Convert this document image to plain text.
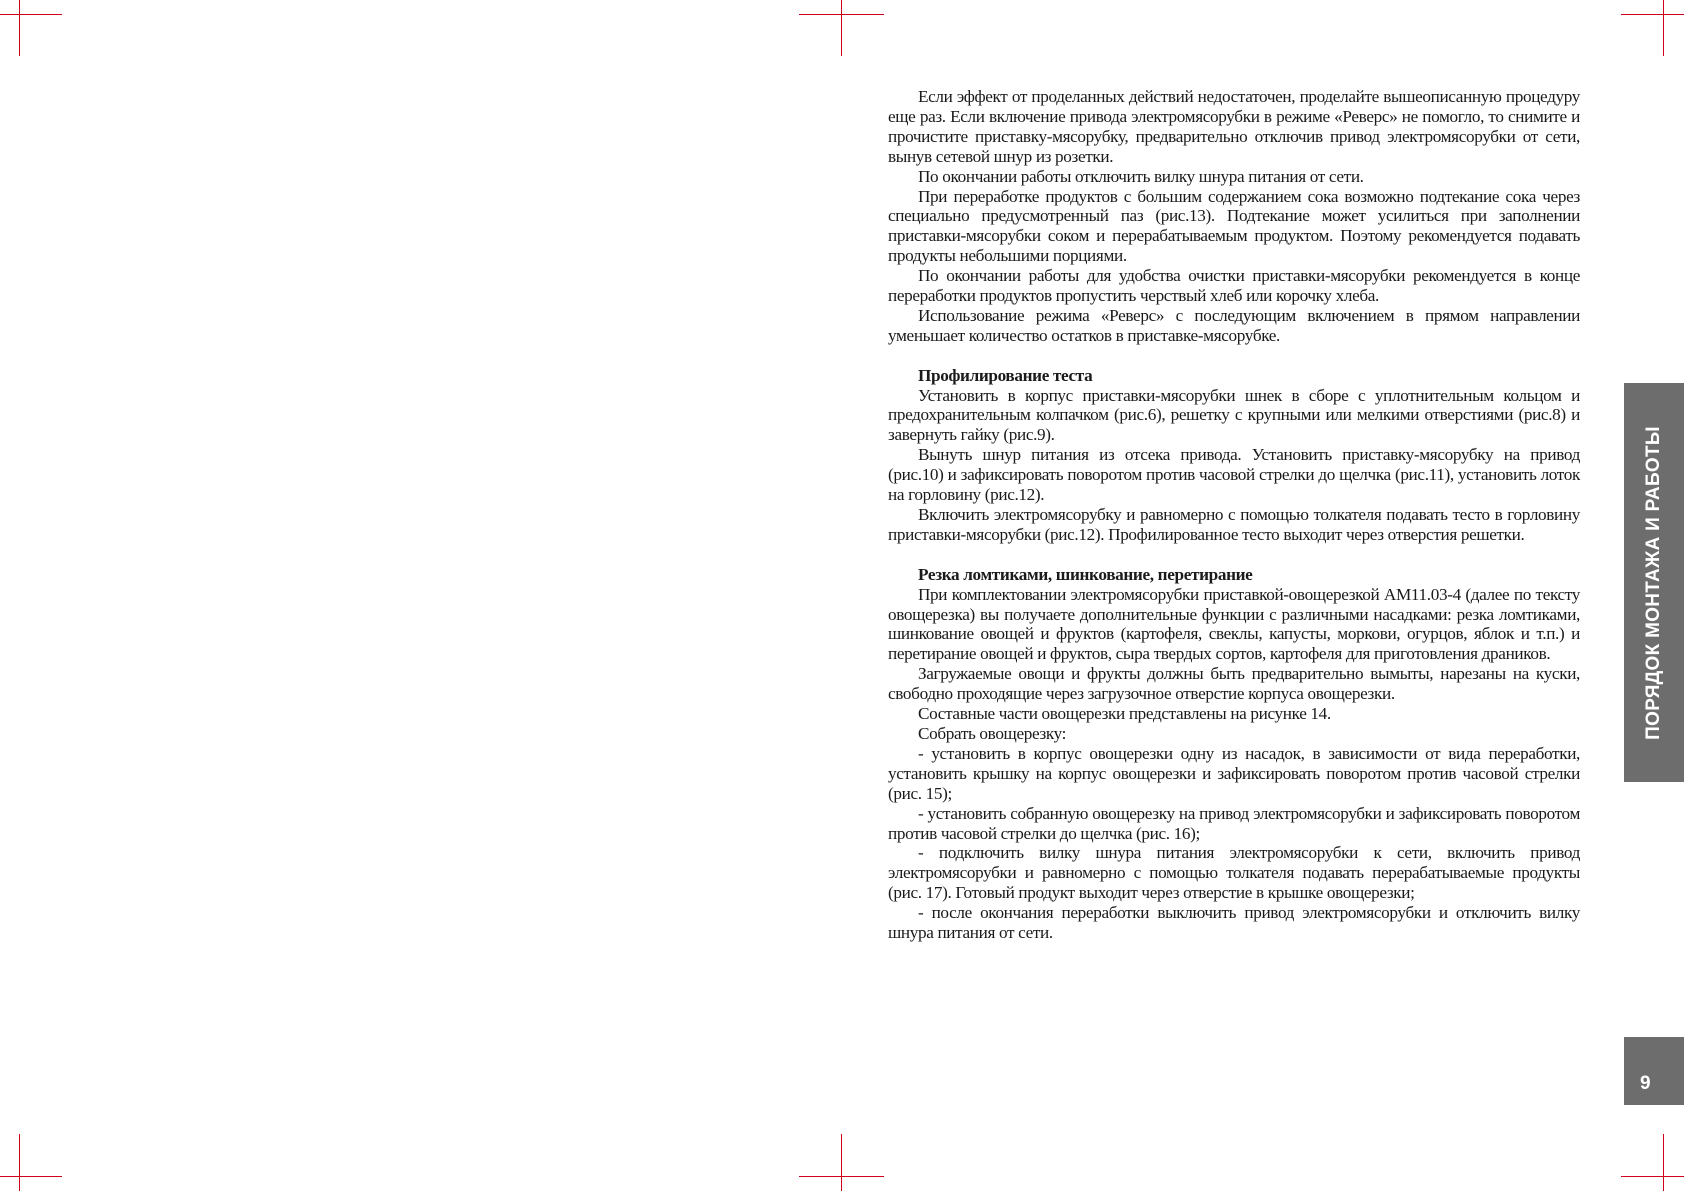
Если эффект от проделанных действий недостаточен, проделайте вышеописанную процедуру еще раз. Если включение привода электромясорубки в режиме «Реверс» не помогло, то снимите и прочистите приставку-мясорубку, предварительно отключив привод электромясорубки от сети, вынув сетевой шнур из розетки.

По окончании работы отключить вилку шнура питания от сети.

При переработке продуктов с большим содержанием сока возможно подтекание сока через специально предусмотренный паз (рис.13). Подтекание может усилиться при заполнении приставки-мясорубки соком и перерабатываемым продуктом. Поэтому рекомендуется подавать продукты небольшими порциями.

По окончании работы для удобства очистки приставки-мясорубки рекомендуется в конце переработки продуктов пропустить черствый хлеб или корочку хлеба.

Использование режима «Реверс» с последующим включением в прямом направлении уменьшает количество остатков в приставке-мясорубке.

Профилирование теста

Установить в корпус приставки-мясорубки шнек в сборе с уплотнительным кольцом и предохранительным колпачком (рис.6), решетку с крупными или мелкими отверстиями (рис.8) и завернуть гайку (рис.9).

Вынуть шнур питания из отсека привода. Установить приставку-мясорубку на привод (рис.10) и зафиксировать поворотом против часовой стрелки до щелчка (рис.11), установить лоток на горловину (рис.12).

Включить электромясорубку и равномерно с помощью толкателя подавать тесто в горловину приставки-мясорубки (рис.12). Профилированное тесто выходит через отверстия решетки.

Резка ломтиками, шинкование, перетирание

При комплектовании электромясорубки приставкой-овощерезкой АМ11.03-4 (далее по тексту овощерезка) вы получаете дополнительные функции с различными насадками: резка ломтиками, шинкование овощей и фруктов (картофеля, свеклы, капусты, моркови, огурцов, яблок и т.п.) и перетирание овощей и фруктов, сыра твердых сортов, картофеля для приготовления драников.

Загружаемые овощи и фрукты должны быть предварительно вымыты, нарезаны на куски, свободно проходящие через загрузочное отверстие корпуса овощерезки.

Составные части овощерезки представлены на рисунке 14.

Собрать овощерезку:

- установить в корпус овощерезки одну из насадок, в зависимости от вида переработки, установить крышку на корпус овощерезки и зафиксировать поворотом против часовой стрелки (рис. 15);

- установить собранную овощерезку на привод электромясорубки и зафиксировать поворотом против часовой стрелки до щелчка (рис. 16);

- подключить вилку шнура питания электромясорубки к сети, включить привод электромясорубки и равномерно с помощью толкателя подавать перерабатываемые продукты (рис. 17). Готовый продукт выходит через отверстие в крышке овощерезки;

- после окончания переработки выключить привод электромясорубки и отключить вилку шнура питания от сети.

ПОРЯДОК МОНТАЖА И РАБОТЫ
9
